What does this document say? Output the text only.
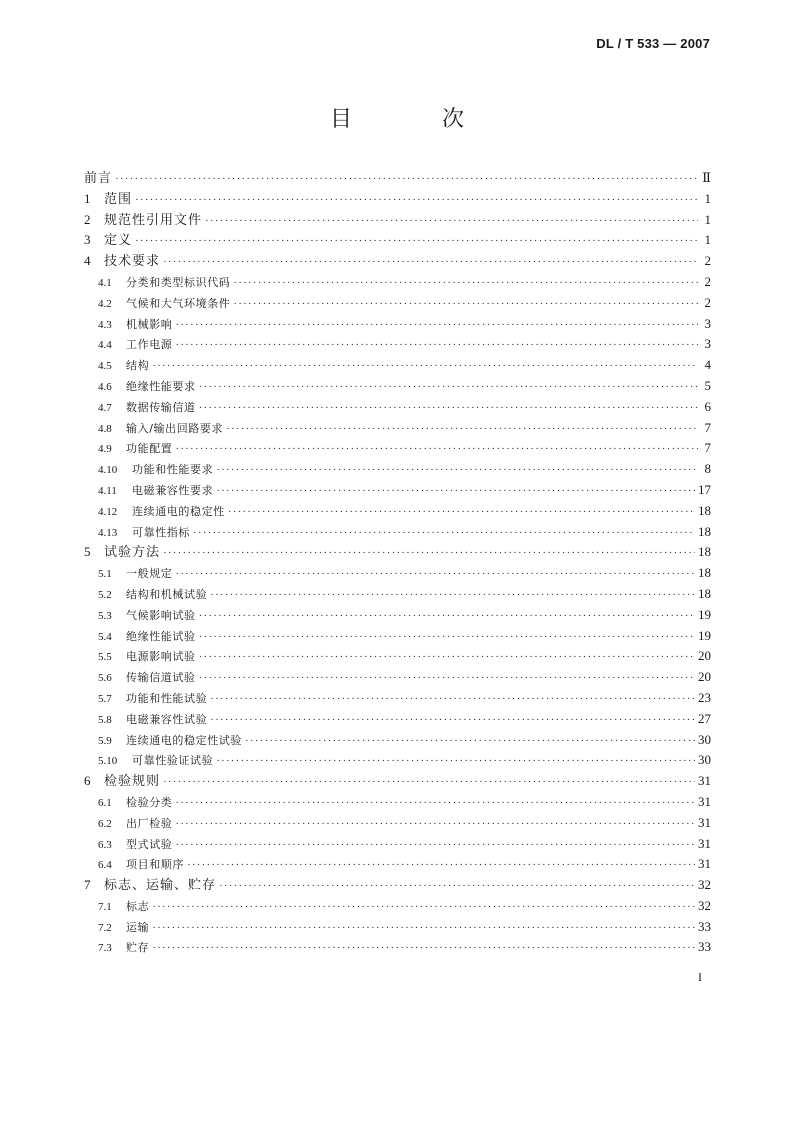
DL / T 533 — 2007
目　次
前言 ·····	Ⅱ
1	范围 ·····	1
2	规范性引用文件 ·····	1
3	定义 ·····	1
4	技术要求 ·····	2
4.1	分类和类型标识代码 ·····	2
4.2	气候和大气环境条件 ·····	2
4.3	机械影响 ·····	3
4.4	工作电源 ·····	3
4.5	结构 ·····	4
4.6	绝缘性能要求 ·····	5
4.7	数据传输信道 ·····	6
4.8	输入/输出回路要求 ·····	7
4.9	功能配置 ·····	7
4.10	功能和性能要求 ·····	8
4.11	电磁兼容性要求 ·····	17
4.12	连续通电的稳定性 ·····	18
4.13	可靠性指标 ·····	18
5	试验方法 ·····	18
5.1	一般规定 ·····	18
5.2	结构和机械试验 ·····	18
5.3	气候影响试验 ·····	19
5.4	绝缘性能试验 ·····	19
5.5	电源影响试验 ·····	20
5.6	传输信道试验 ·····	20
5.7	功能和性能试验 ·····	23
5.8	电磁兼容性试验 ·····	27
5.9	连续通电的稳定性试验 ·····	30
5.10	可靠性验证试验 ·····	30
6	检验规则 ·····	31
6.1	检验分类 ·····	31
6.2	出厂检验 ·····	31
6.3	型式试验 ·····	31
6.4	项目和顺序 ·····	31
7	标志、运输、贮存 ·····	32
7.1	标志 ·····	32
7.2	运输 ·····	33
7.3	贮存 ·····	33
I
